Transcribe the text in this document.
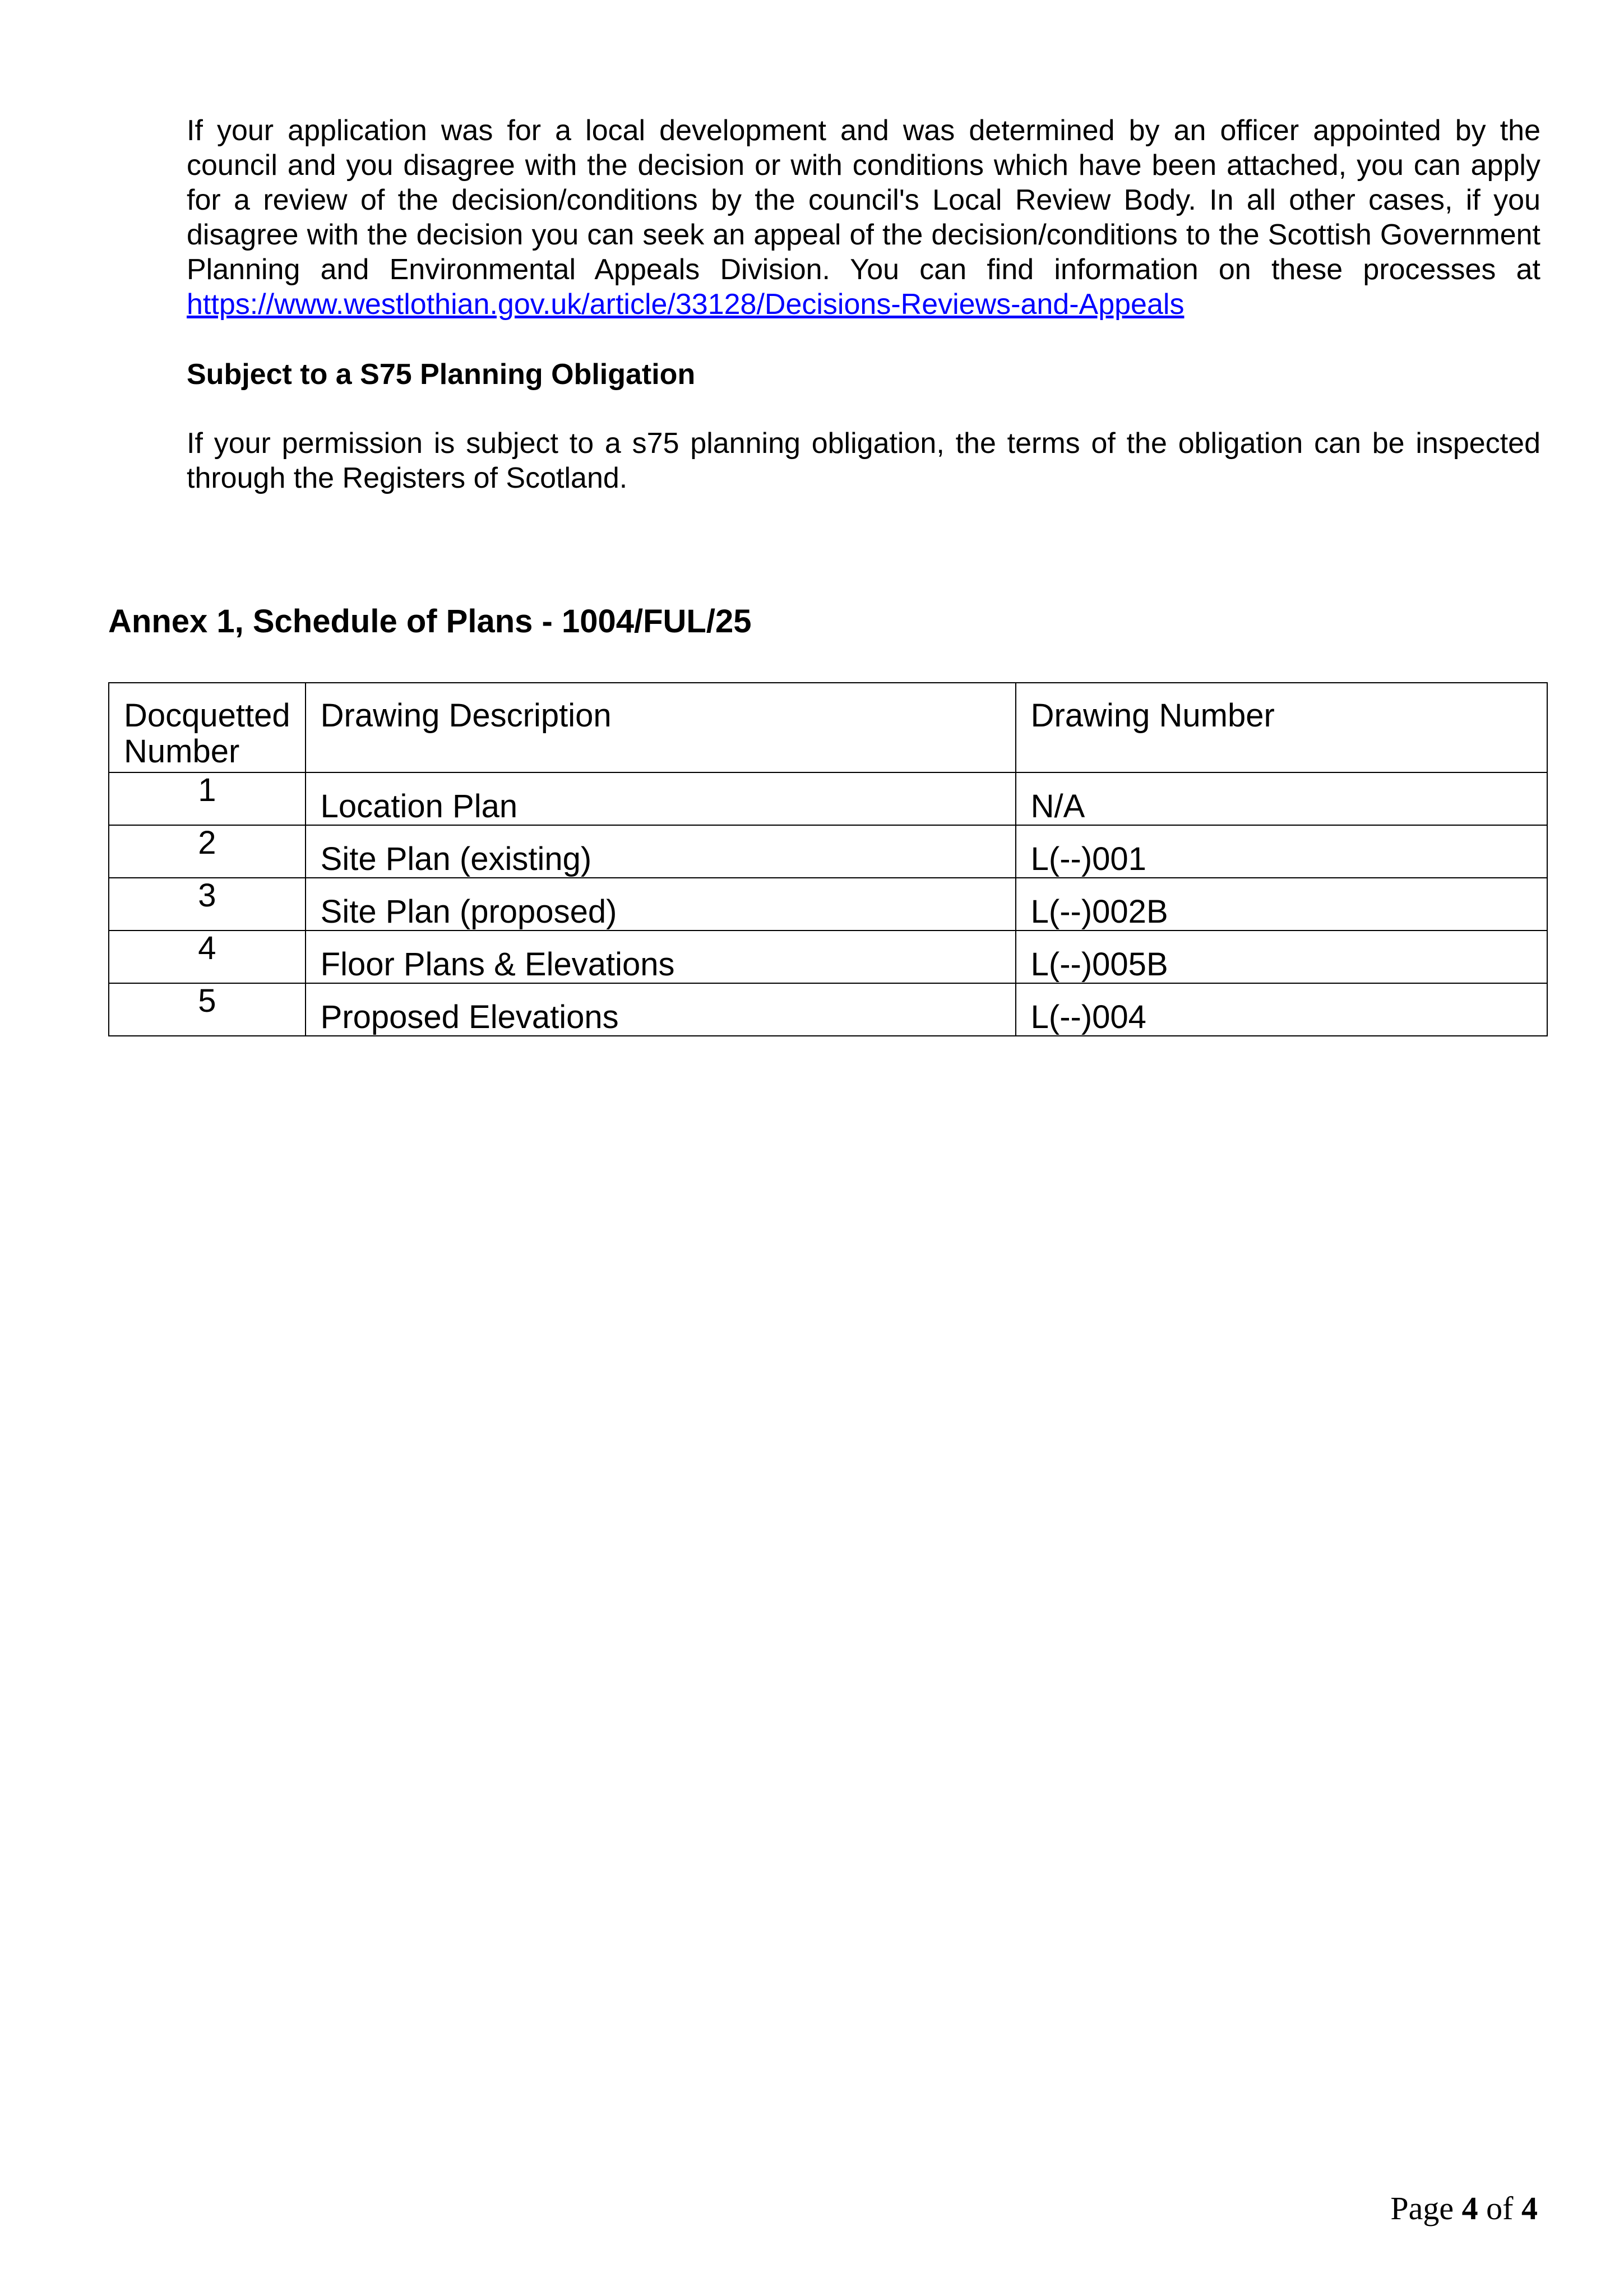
If your application was for a local development and was determined by an officer appointed by the council and you disagree with the decision or with conditions which have been attached, you can apply for a review of the decision/conditions by the council's Local Review Body. In all other cases, if you disagree with the decision you can seek an appeal of the decision/conditions to the Scottish Government Planning and Environmental Appeals Division. You can find information on these processes at https://www.westlothian.gov.uk/article/33128/Decisions-Reviews-and-Appeals

Subject to a S75 Planning Obligation

If your permission is subject to a s75 planning obligation, the terms of the obligation can be inspected through the Registers of Scotland.

Annex 1, Schedule of Plans - 1004/FUL/25

Docquetted Number	Drawing Description	Drawing Number
1	Location Plan	N/A
2	Site Plan (existing)	L(--)001
3	Site Plan (proposed)	L(--)002B
4	Floor Plans & Elevations	L(--)005B
5	Proposed Elevations	L(--)004
Page 4 of 4
